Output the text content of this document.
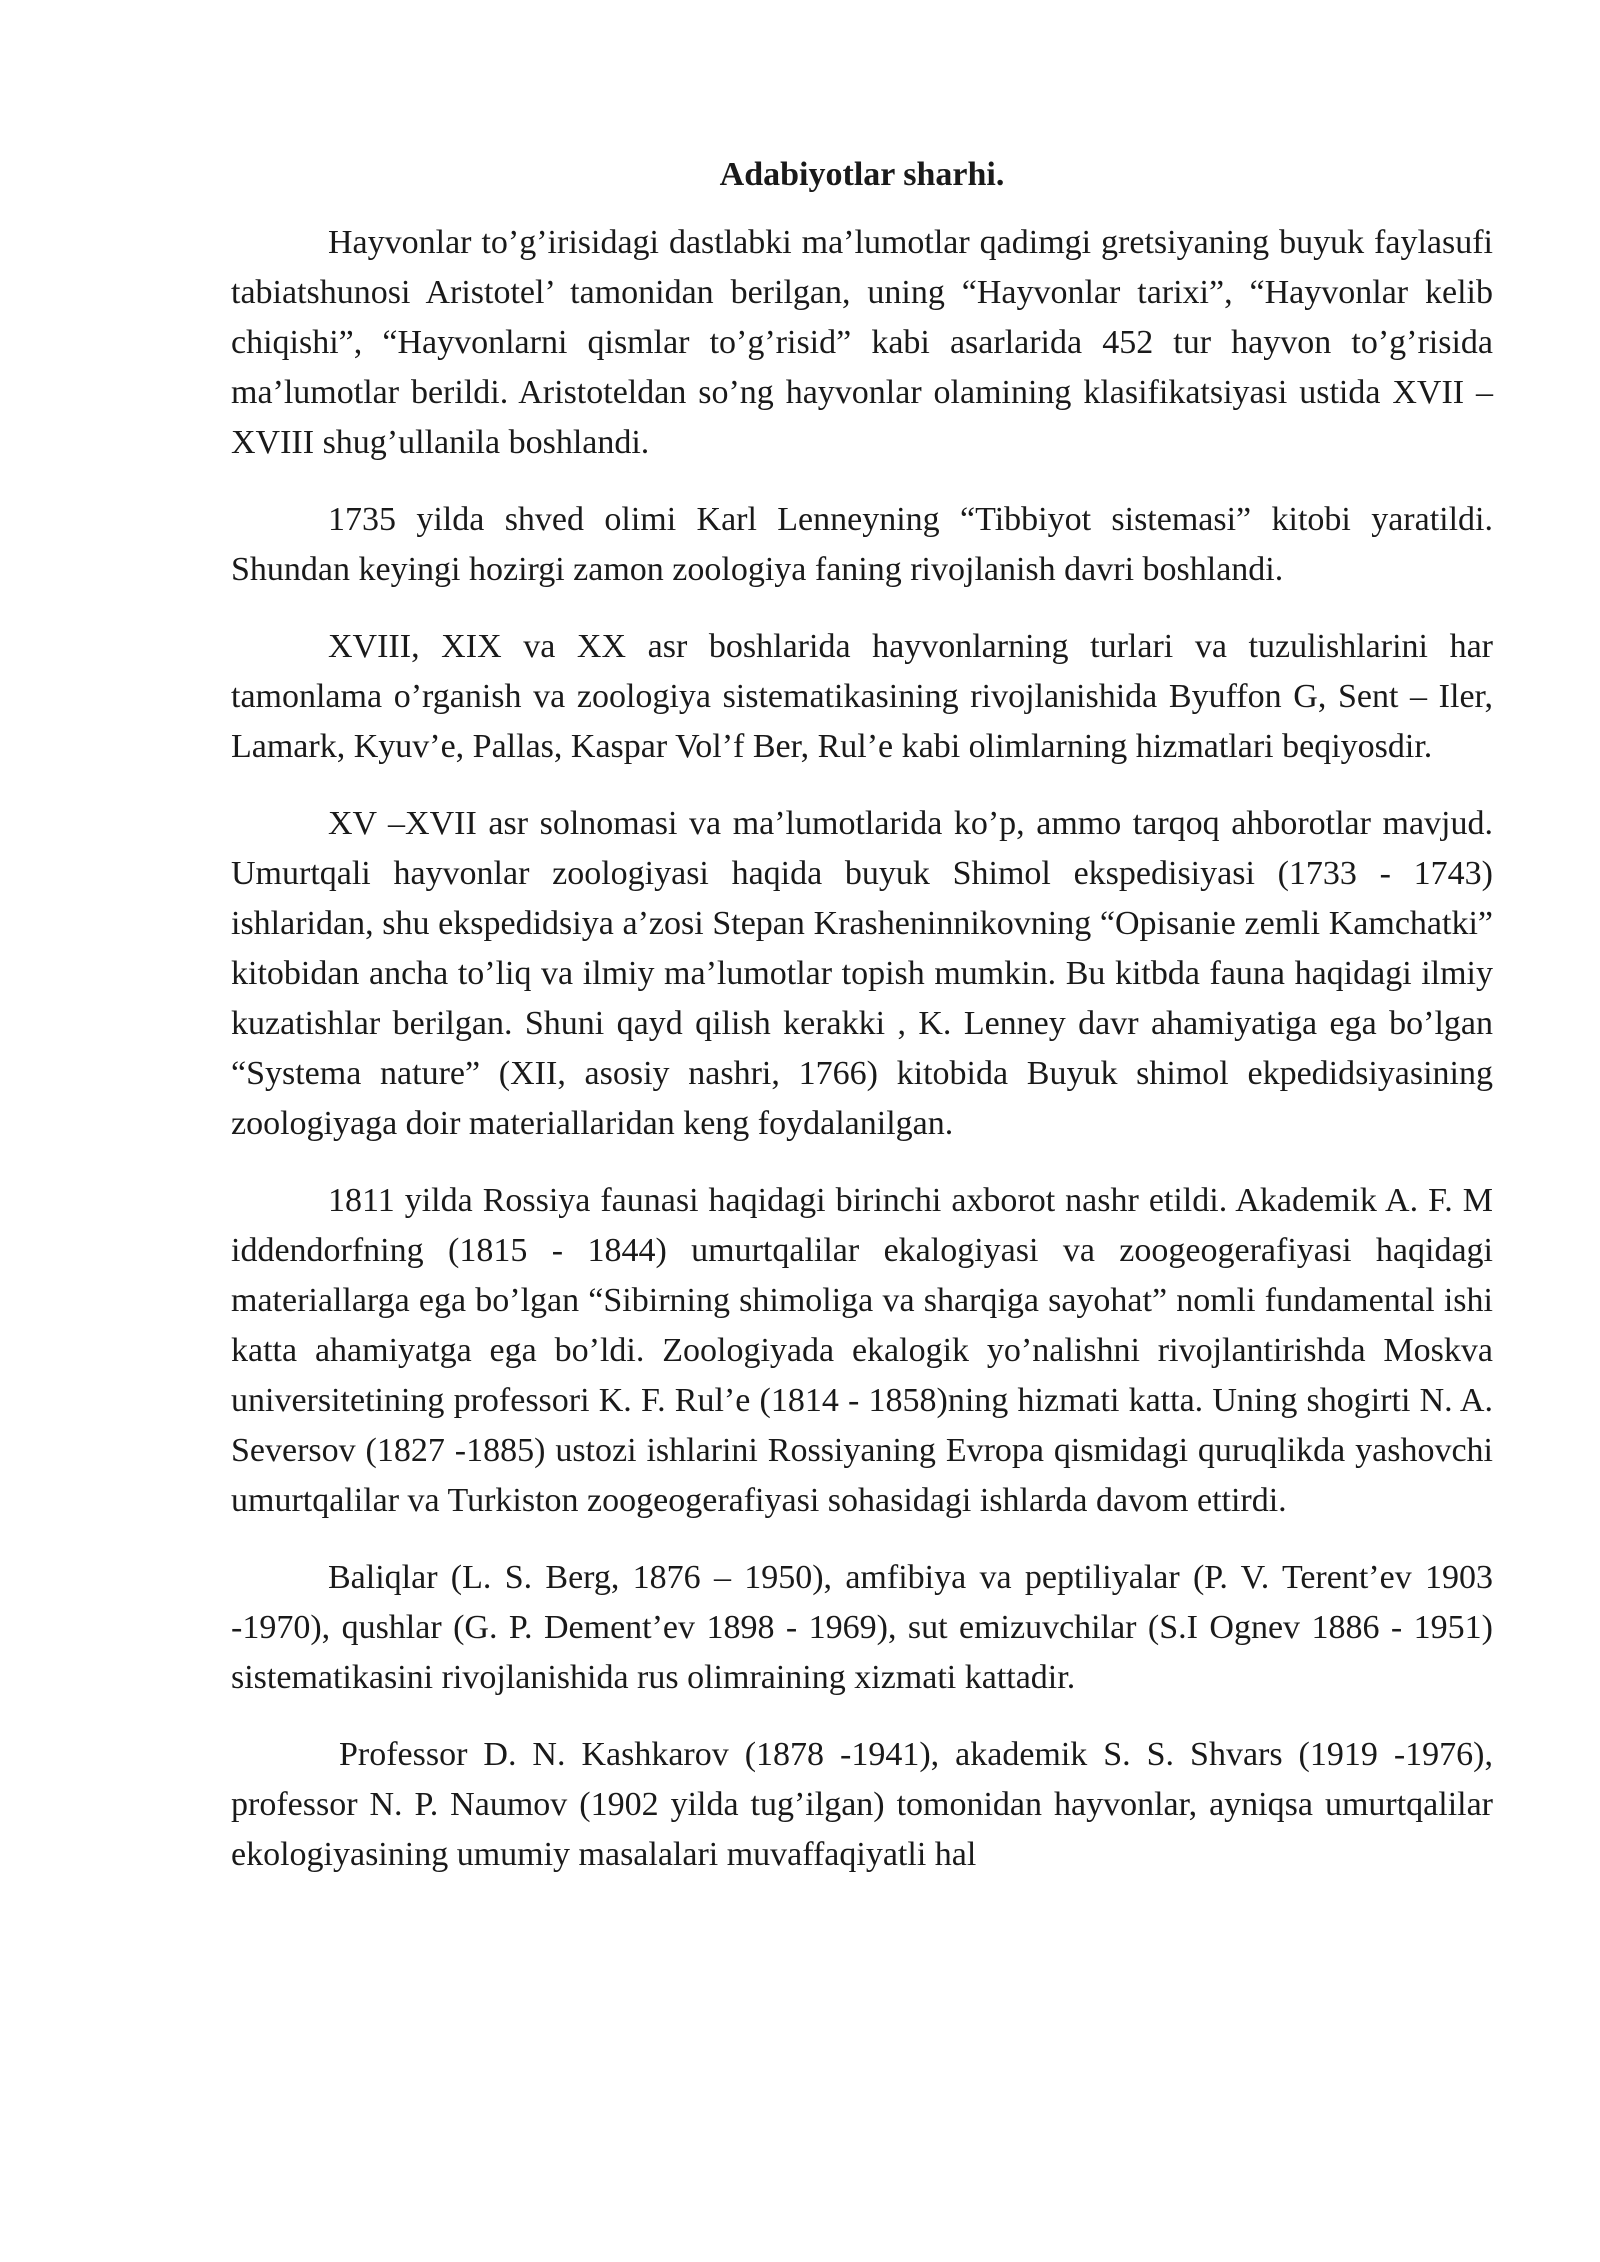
Adabiyotlar sharhi.

Hayvonlar to’g’irisidagi dastlabki ma’lumotlar qadimgi gretsiyaning buyuk faylasufi tabiatshunosi Aristotel’ tamonidan berilgan, uning “Hayvonlar tarixi”, “Hayvonlar kelib chiqishi”, “Hayvonlarni qismlar to’g’risid” kabi asarlarida 452 tur hayvon to’g’risida ma’lumotlar berildi. Aristoteldan so’ng hayvonlar olamining klasifikatsiyasi ustida XVII – XVIII shug’ullanila boshlandi.

1735 yilda shved olimi Karl Lenneyning “Tibbiyot sistemasi” kitobi yaratildi. Shundan keyingi hozirgi zamon zoologiya faning rivojlanish davri boshlandi.

XVIII, XIX va XX asr boshlarida hayvonlarning turlari va tuzulishlarini har tamonlama o’rganish va zoologiya sistematikasining rivojlanishida Byuffon G, Sent – Iler, Lamark, Kyuv’e, Pallas, Kaspar Vol’f Ber, Rul’e kabi olimlarning hizmatlari beqiyosdir.

XV –XVII asr solnomasi va ma’lumotlarida ko’p, ammo tarqoq ahborotlar mavjud. Umurtqali hayvonlar zoologiyasi haqida buyuk Shimol ekspedisiyasi (1733 - 1743) ishlaridan, shu ekspedidsiya a’zosi Stepan Krasheninnikovning “Opisanie zemli Kamchatki” kitobidan ancha to’liq va ilmiy ma’lumotlar topish mumkin. Bu kitbda fauna haqidagi ilmiy kuzatishlar berilgan. Shuni qayd qilish kerakki , K. Lenney davr ahamiyatiga ega bo’lgan “Systema nature” (XII, asosiy nashri, 1766) kitobida Buyuk shimol ekpedidsiyasining zoologiyaga doir materiallaridan keng foydalanilgan.

1811 yilda Rossiya faunasi haqidagi birinchi axborot nashr etildi. Akademik A. F. M iddendorfning (1815 - 1844) umurtqalilar ekalogiyasi va zoogeogerafiyasi haqidagi materiallarga ega bo’lgan “Sibirning shimoliga va sharqiga sayohat” nomli fundamental ishi katta ahamiyatga ega bo’ldi. Zoologiyada ekalogik yo’nalishni rivojlantirishda Moskva universitetining professori K. F. Rul’e (1814 - 1858)ning hizmati katta. Uning shogirti N. A. Seversov (1827 -1885) ustozi ishlarini Rossiyaning Evropa qismidagi quruqlikda yashovchi umurtqalilar va Turkiston zoogeogerafiyasi sohasidagi ishlarda davom ettirdi.

Baliqlar (L. S. Berg, 1876 – 1950), amfibiya va peptiliyalar (P. V. Terent’ev 1903 -1970), qushlar (G. P. Dement’ev 1898 - 1969), sut emizuvchilar (S.I Ognev 1886 - 1951) sistematikasini rivojlanishida rus olimraining xizmati kattadir.

Professor D. N. Kashkarov (1878 -1941), akademik S. S. Shvars (1919 -1976), professor N. P. Naumov (1902 yilda tug’ilgan) tomonidan hayvonlar, ayniqsa umurtqalilar ekologiyasining umumiy masalalari muvaffaqiyatli hal
